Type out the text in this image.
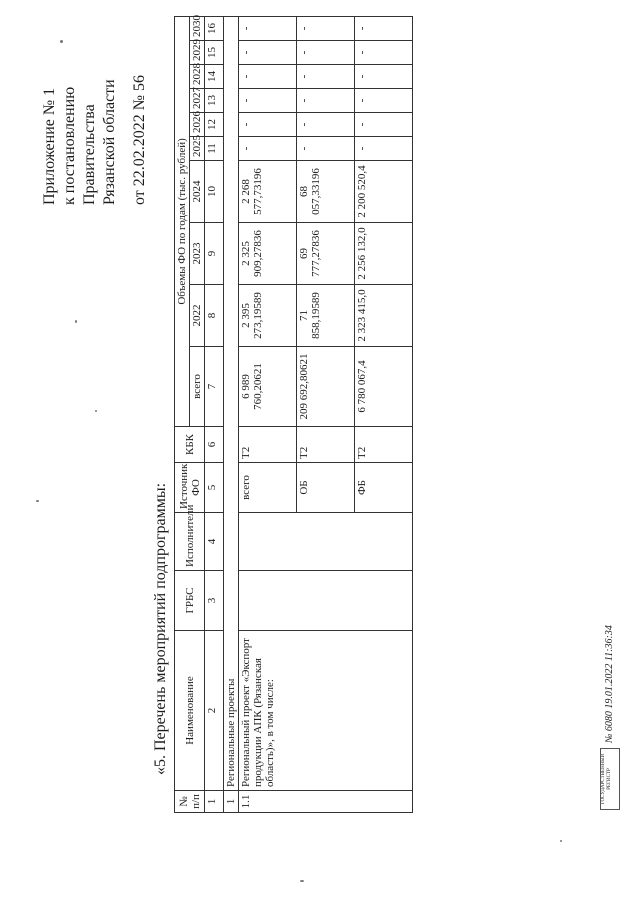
Приложение № 1 к постановлению Правительства Рязанской области от 22.02.2022 № 56
«5. Перечень мероприятий подпрограммы:
№ п/п	Наименование	ГРБС	Исполнители	Источник ФО	КБК	Объемы ФО по годам (тыс. рублей)									
						всего	2022	2023	2024	2025	2026	2027	2028	2029	2030
1	2	3	4	5	6	7	8	9	10	11	12	13	14	15	16
1	Региональные проекты														
1.1	Региональный проект «Экспорт продукции АПК (Рязанская область)», в том числе:			всего	Т2	6 989 760,20621	2 395 273,19589	2 325 909,27836	2 268 577,73196	-	-	-	-	-	-
				ОБ	Т2	209 692,80621	71 858,19589	69 777,27836	68 057,33196	-	-	-	-	-	-
				ФБ	Т2	6 780 067,4	2 323 415,0	2 256 132,0	2 200 520,4	-	-	-	-	-	-
ГОСУДАРСТВЕННЫЙ РЕГИСТР
№ 6080 19.01.2022 11:36:34
